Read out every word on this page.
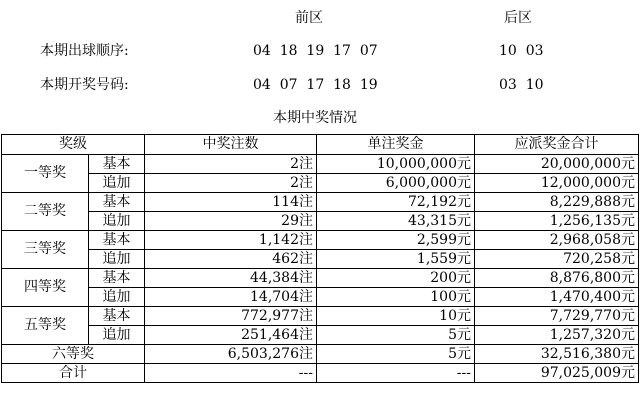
前区	后区
本期出球顺序:	04  18  19  17  07	10  03
本期开奖号码:	04  07  17  18  19	03  10
本期中奖情况
奖级		中奖注数	单注奖金	应派奖金合计
一等奖	基本	2注	10,000,000元	20,000,000元
	追加	2注	6,000,000元	12,000,000元
二等奖	基本	114注	72,192元	8,229,888元
	追加	29注	43,315元	1,256,135元
三等奖	基本	1,142注	2,599元	2,968,058元
	追加	462注	1,559元	720,258元
四等奖	基本	44,384注	200元	8,876,800元
	追加	14,704注	100元	1,470,400元
五等奖	基本	772,977注	10元	7,729,770元
	追加	251,464注	5元	1,257,320元
六等奖		6,503,276注	5元	32,516,380元
合计		---	---	97,025,009元
